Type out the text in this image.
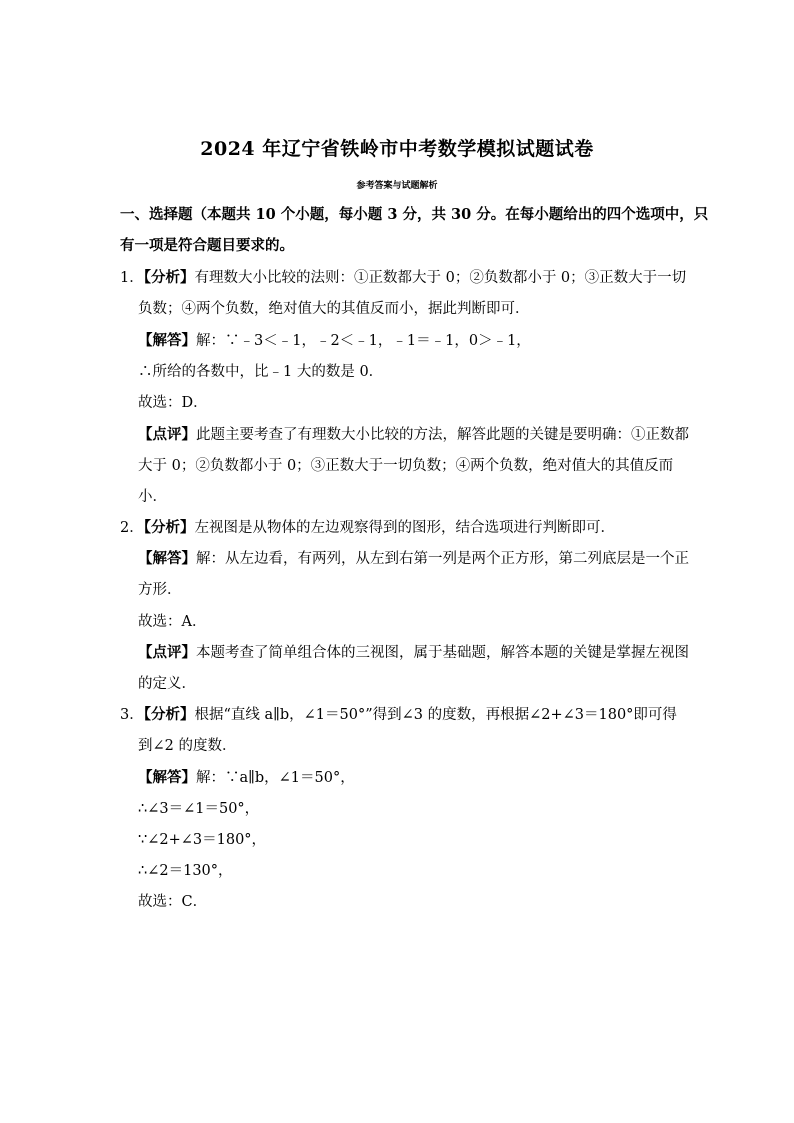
2024 年辽宁省铁岭市中考数学模拟试题试卷
参考答案与试题解析
一、选择题（本题共 10 个小题，每小题 3 分，共 30 分。在每小题给出的四个选项中，只
有一项是符合题目要求的。
1．【分析】有理数大小比较的法则：①正数都大于 0；②负数都小于 0；③正数大于一切
负数；④两个负数，绝对值大的其值反而小，据此判断即可．
【解答】解：∵﹣3＜﹣1，﹣2＜﹣1，﹣1＝﹣1，0＞﹣1，
∴所给的各数中，比﹣1 大的数是 0．
故选：D．
【点评】此题主要考查了有理数大小比较的方法，解答此题的关键是要明确：①正数都
大于 0；②负数都小于 0；③正数大于一切负数；④两个负数，绝对值大的其值反而
小．
2．【分析】左视图是从物体的左边观察得到的图形，结合选项进行判断即可．
【解答】解：从左边看，有两列，从左到右第一列是两个正方形，第二列底层是一个正
方形．
故选：A．
【点评】本题考查了简单组合体的三视图，属于基础题，解答本题的关键是掌握左视图
的定义．
3．【分析】根据“直线 a∥b，∠1＝50°”得到∠3 的度数，再根据∠2+∠3＝180°即可得
到∠2 的度数．
【解答】解：∵a∥b，∠1＝50°，
∴∠3＝∠1＝50°，
∵∠2+∠3＝180°，
∴∠2＝130°，
故选：C．
